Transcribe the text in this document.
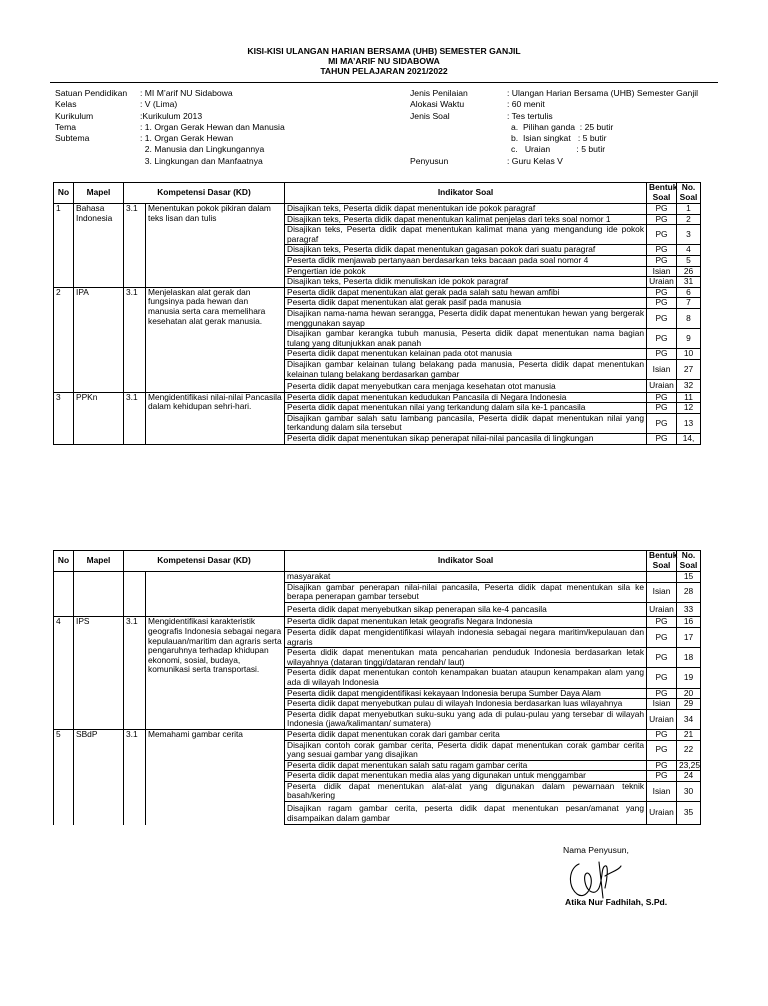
KISI-KISI ULANGAN HARIAN BERSAMA (UHB) SEMESTER GANJIL
MI MA’ARIF NU SIDABOWA
TAHUN PELAJARAN 2021/2022
Satuan Pendidikan : MI M’arif NU Sidabowa
Kelas	: V (Lima)
Kurikulum	:Kurikulum 2013
Tema	: 1. Organ Gerak Hewan dan Manusia
Subtema	: 1. Organ Gerak Hewan
2. Manusia dan Lingkungannya
3. Lingkungan dan Manfaatnya
Jenis Penilaian	: Ulangan Harian Bersama (UHB) Semester Ganjil
Alokasi Waktu	: 60 menit
Jenis Soal	: Tes tertulis
a.  Pilihan ganda  : 25 butir
b.  Isian singkat   : 5 butir
c.   Uraian           : 5 butir
Penyusun	: Guru Kelas V
No	Mapel	Kompetensi Dasar (KD)		Indikator Soal	Bentuk Soal	No. Soal
1	Bahasa Indonesia	3.1	Menentukan pokok pikiran dalam teks lisan dan tulis	Disajikan teks, Peserta didik dapat menentukan ide pokok paragraf	PG	1
				Disajikan teks, Peserta didik dapat menentukan kalimat penjelas dari teks soal nomor 1	PG	2
				Disajikan teks, Peserta didik dapat menentukan kalimat mana yang mengandung ide pokok paragraf	PG	3
				Disajikan teks, Peserta didik dapat menentukan gagasan pokok dari suatu paragraf	PG	4
				Peserta didik menjawab pertanyaan berdasarkan teks bacaan pada soal nomor 4	PG	5
				Pengertian ide pokok	Isian	26
				Disajikan teks, Peserta didik menuliskan ide pokok paragraf	Uraian	31
2	IPA	3.1	Menjelaskan alat gerak dan fungsinya pada hewan dan manusia serta cara memelihara kesehatan alat gerak manusia.	Peserta didik dapat menentukan alat gerak pada salah satu hewan amfibi	PG	6
				Peserta didik dapat menentukan alat gerak pasif pada manusia	PG	7
				Disajikan nama-nama hewan serangga, Peserta didik dapat menentukan hewan yang bergerak menggunakan sayap	PG	8
				Disajikan gambar kerangka tubuh manusia, Peserta didik dapat menentukan nama bagian tulang yang ditunjukkan anak panah	PG	9
				Peserta didik dapat menentukan kelainan pada otot manusia	PG	10
				Disajikan gambar kelainan tulang belakang pada manusia, Peserta didik dapat menentukan kelainan tulang belakang berdasarkan gambar	Isian	27
				Peserta didik dapat menyebutkan cara menjaga kesehatan otot manusia	Uraian	32
3	PPKn	3.1	Mengidentifikasi nilai-nilai Pancasila dalam kehidupan sehri-hari.	Peserta didik dapat menentukan kedudukan Pancasila di Negara Indonesia	PG	11
				Peserta didik dapat menentukan nilai yang terkandung dalam sila ke-1 pancasila	PG	12
				Disajikan gambar salah satu lambang pancasila, Peserta didik dapat menentukan nilai yang terkandung dalam sila tersebut	PG	13
				Peserta didik dapat menentukan sikap penerapat nilai-nilai pancasila di lingkungan	PG	14,
No	Mapel	Kompetensi Dasar (KD)		Indikator Soal	Bentuk Soal	No. Soal
				masyarakat		15
				Disajikan gambar penerapan nilai-nilai pancasila, Peserta didik dapat menentukan sila ke berapa penerapan gambar tersebut	Isian	28
				Peserta didik dapat menyebutkan sikap penerapan sila ke-4 pancasila	Uraian	33
4	IPS	3.1	Mengidentifikasi karakteristik geografis Indonesia sebagai negara kepulauan/maritim dan agraris serta pengaruhnya terhadap khidupan ekonomi, sosial, budaya, komunikasi serta transportasi.	Peserta didik dapat menentukan letak geografis Negara Indonesia	PG	16
				Peserta didik dapat mengidentifikasi wilayah indonesia sebagai negara maritim/kepulauan dan agraris	PG	17
				Peserta didik dapat menentukan mata pencaharian penduduk Indonesia berdasarkan letak wilayahnya (dataran tinggi/dataran rendah/ laut)	PG	18
				Peserta didik dapat menentukan contoh kenampakan buatan ataupun kenampakan alam yang ada di wilayah Indonesia	PG	19
				Peserta didik dapat mengidentifikasi kekayaan Indonesia berupa Sumber Daya Alam	PG	20
				Peserta didik dapat menyebutkan pulau di wilayah Indonesia berdasarkan luas wilayahnya	Isian	29
				Peserta didik dapat menyebutkan suku-suku yang ada di pulau-pulau yang tersebar di wilayah Indonesia (jawa/kalimantan/ sumatera)	Uraian	34
5	SBdP	3.1	Memahami gambar cerita	Peserta didik dapat menentukan corak dari gambar cerita	PG	21
				Disajikan contoh corak gambar cerita, Peserta didik dapat menentukan corak gambar cerita yang sesuai gambar yang disajikan	PG	22
				Peserta didik dapat menentukan salah satu ragam gambar cerita	PG	23,25
				Peserta didik dapat menentukan media alas yang digunakan untuk menggambar	PG	24
				Peserta didik dapat menentukan alat-alat yang digunakan dalam pewarnaan teknik basah/kering	Isian	30
				Disajikan ragam gambar cerita, peserta didik dapat menentukan pesan/amanat yang disampaikan dalam gambar	Uraian	35
Nama Penyusun,
Atika Nur Fadhilah, S.Pd.
